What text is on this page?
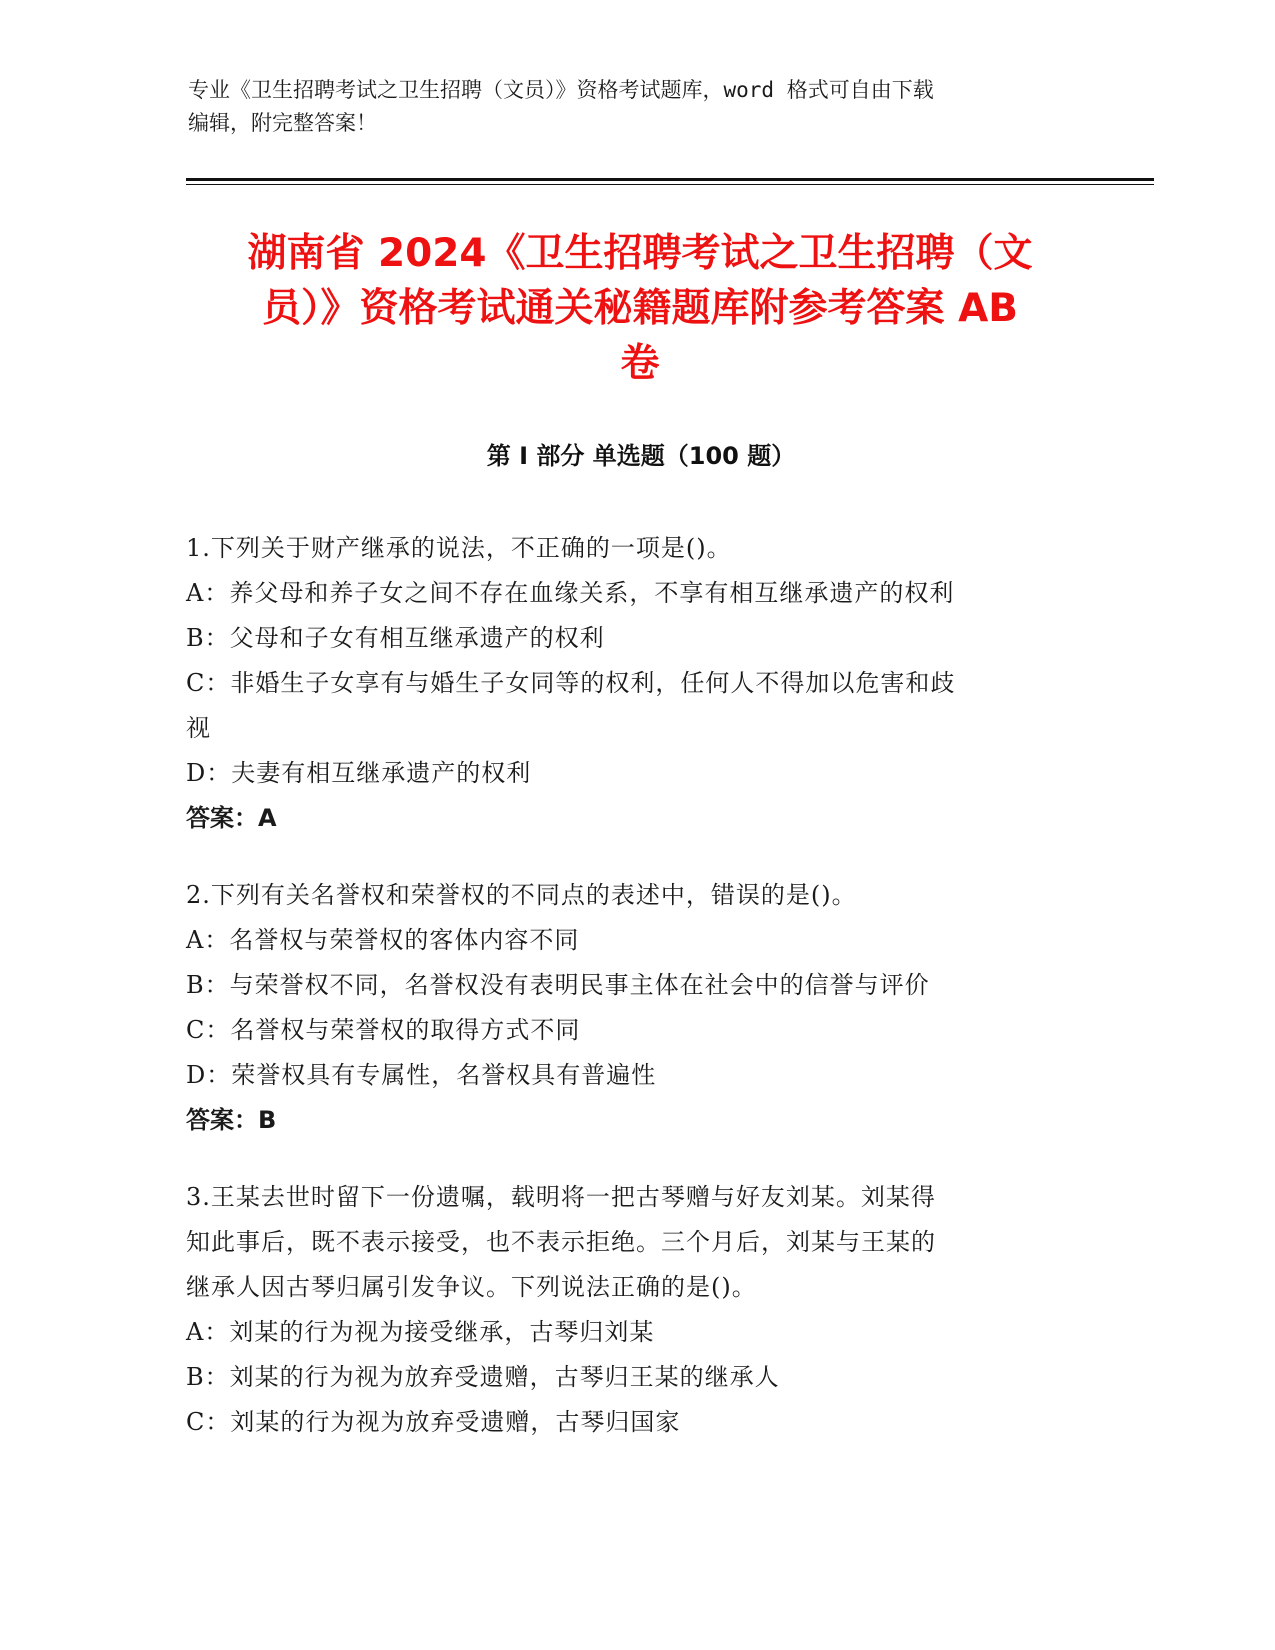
专业《卫生招聘考试之卫生招聘（文员）》资格考试题库，word 格式可自由下载
编辑，附完整答案！

湖南省 2024《卫生招聘考试之卫生招聘（文
员）》资格考试通关秘籍题库附参考答案 AB
卷
第 I 部分 单选题（100 题）
1.下列关于财产继承的说法，不正确的一项是()。
A：养父母和养子女之间不存在血缘关系，不享有相互继承遗产的权利
B：父母和子女有相互继承遗产的权利
C：非婚生子女享有与婚生子女同等的权利，任何人不得加以危害和歧
视
D：夫妻有相互继承遗产的权利
答案：A
2.下列有关名誉权和荣誉权的不同点的表述中，错误的是()。
A：名誉权与荣誉权的客体内容不同
B：与荣誉权不同，名誉权没有表明民事主体在社会中的信誉与评价
C：名誉权与荣誉权的取得方式不同
D：荣誉权具有专属性，名誉权具有普遍性
答案：B
3.王某去世时留下一份遗嘱，载明将一把古琴赠与好友刘某。刘某得
知此事后，既不表示接受，也不表示拒绝。三个月后，刘某与王某的
继承人因古琴归属引发争议。下列说法正确的是()。
A：刘某的行为视为接受继承，古琴归刘某
B：刘某的行为视为放弃受遗赠，古琴归王某的继承人
C：刘某的行为视为放弃受遗赠，古琴归国家
